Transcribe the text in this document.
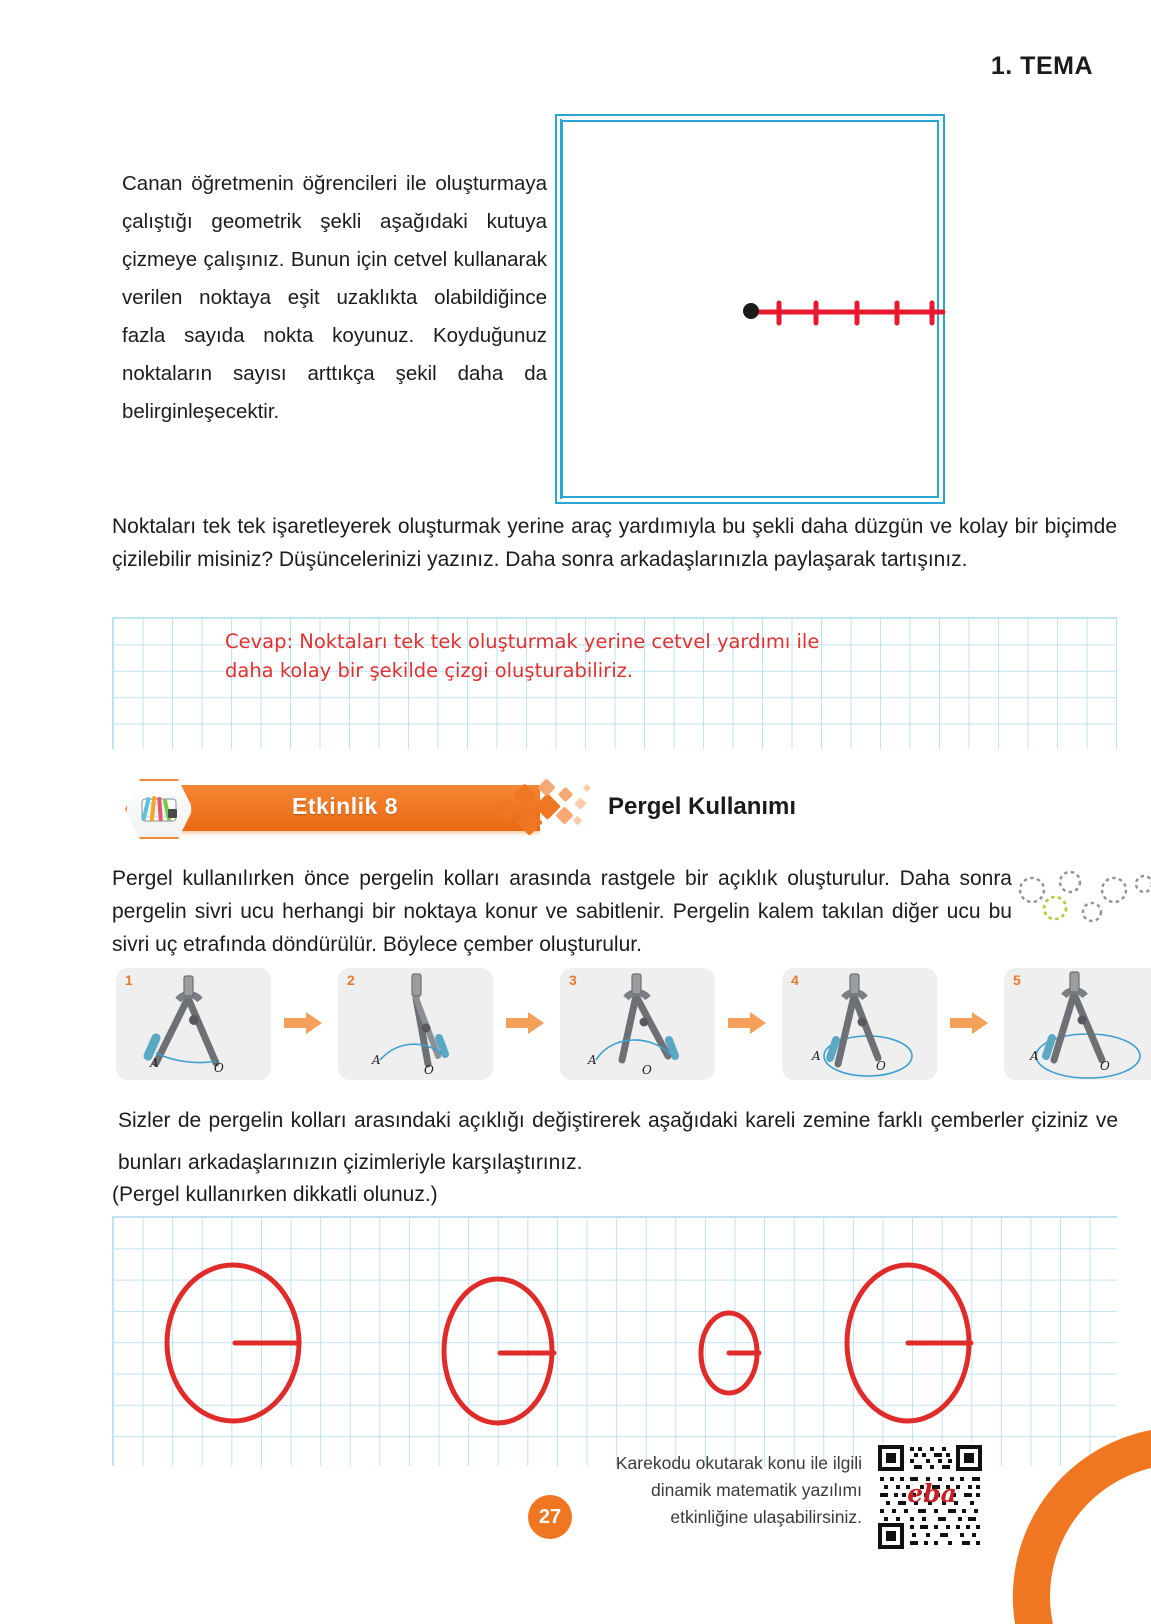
1. TEMA

Canan öğretmenin öğrencileri ile oluşturmaya çalıştığı geometrik şekli aşağıdaki kutuya çizmeye çalışınız. Bunun için cetvel kullanarak verilen noktaya eşit uzaklıkta olabildiğince fazla sayıda nokta koyunuz. Koyduğunuz noktaların sayısı arttıkça şekil daha da belirginleşecektir.

Noktaları tek tek işaretleyerek oluşturmak yerine araç yardımıyla bu şekli daha düzgün ve kolay bir biçimde çizilebilir misiniz? Düşüncelerinizi yazınız. Daha sonra arkadaşlarınızla paylaşarak tartışınız.

Cevap: Noktaları tek tek oluşturmak yerine cetvel yardımı ile
daha kolay bir şekilde çizgi oluşturabiliriz.
Etkinlik 8	Pergel Kullanımı

Pergel kullanılırken önce pergelin kolları arasında rastgele bir açıklık oluşturulur. Daha sonra pergelin sivri ucu herhangi bir noktaya konur ve sabitlenir. Pergelin kalem takılan diğer ucu bu sivri uç etrafında döndürülür. Böylece çember oluşturulur.

1
A	O
2
A
O
3
A
O
4
A
O
5
A
O

Sizler de pergelin kolları arasındaki açıklığı değiştirerek aşağıdaki kareli zemine farklı çemberler çiziniz ve bunları arkadaşlarınızın çizimleriyle karşılaştırınız.

(Pergel kullanırken dikkatli olunuz.)
Karekodu okutarak konu ile ilgili
dinamik matematik yazılımı
etkinliğine ulaşabilirsiniz.
eba
27
